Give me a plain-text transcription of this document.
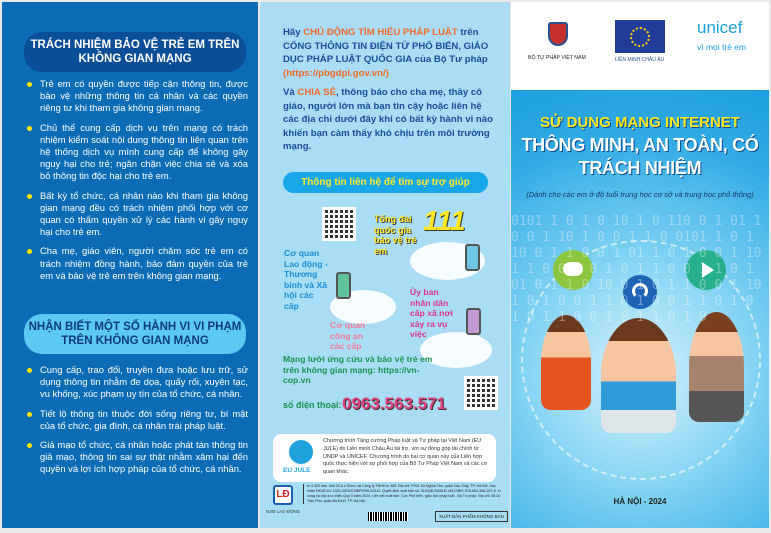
TRÁCH NHIỆM BẢO VỆ TRẺ EM TRÊN KHÔNG GIAN MẠNG
Trẻ em có quyền được tiếp cận thông tin, được bảo vệ những thông tin cá nhân và các quyền riêng tư khi tham gia không gian mạng.
Chủ thể cung cấp dịch vụ trên mạng có trách nhiệm kiểm soát nội dung thông tin liên quan trên hệ thống dịch vụ mình cung cấp để không gây nguy hại cho trẻ; ngăn chặn việc chia sẻ và xóa bỏ thông tin độc hại cho trẻ em.
Bất kỳ tổ chức, cá nhân nào khi tham gia không gian mạng đều có trách nhiệm phối hợp với cơ quan có thẩm quyền xử lý các hành vi gây nguy hại cho trẻ em.
Cha mẹ, giáo viên, người chăm sóc trẻ em có trách nhiệm đồng hành, bảo đảm quyền của trẻ em và bảo vệ trẻ em trên không gian mạng.
NHẬN BIẾT MỘT SỐ HÀNH VI VI PHẠM TRÊN KHÔNG GIAN MẠNG
Cung cấp, trao đổi, truyền đưa hoặc lưu trữ, sử dụng thông tin nhằm đe dọa, quấy rối, xuyên tạc, vu khống, xúc phạm uy tín của tổ chức, cá nhân.
Tiết lộ thông tin thuộc đời sống riêng tư, bí mật của tổ chức, gia đình, cá nhân trái pháp luật.
Giả mạo tổ chức, cá nhân hoặc phát tán thông tin giả mạo, thông tin sai sự thật nhằm xâm hại đến quyền và lợi ích hợp pháp của tổ chức, cá nhân.

Hãy CHỦ ĐỘNG TÌM HIỂU PHÁP LUẬT trên CỔNG THÔNG TIN ĐIỆN TỬ PHỔ BIẾN, GIÁO DỤC PHÁP LUẬT QUỐC GIA của Bộ Tư pháp (https://pbgdpl.gov.vn/)

Và CHIA SẺ, thông báo cho cha mẹ, thầy cô giáo, người lớn mà bạn tin cậy hoặc liên hệ các địa chỉ dưới đây khi có bất kỳ hành vi nào khiến bạn cảm thấy khó chịu trên môi trường mạng.

Thông tin liên hệ để tìm sự trợ giúp
Tổng đài quốc gia bảo vệ trẻ em
111
Cơ quan Lao động - Thương binh và Xã hội các cấp
Cơ quan công an các cấp
Ủy ban nhân dân cấp xã nơi xảy ra vụ việc
Mạng lưới ứng cứu và bảo vệ trẻ em trên không gian mạng: https://vn-cop.vn
số điện thoại: 0963.563.571
EU JULE
Chương trình Tăng cường Pháp luật và Tư pháp tại Việt Nam (EU JULE) do Liên minh Châu Âu tài trợ, với sự đóng góp tài chính từ UNDP và UNICEF. Chương trình do hai cơ quan này của Liên hợp quốc thực hiện với sự phối hợp của Bộ Tư Pháp Việt Nam và các cơ quan khác.
LĐ
NXB LAO ĐỘNG
In 4.300 bản, khổ 20,5 x 30cm, tại Công ty TNHH in 368. Địa chỉ: P201 Số Nghĩa Tân, quận Cầu Giấy, TP. Hà Nội. Xác nhận ĐKXB số: 1320-2024/CXBIPH/06-02/LĐ. Quyết định xuất bản số: 419/QĐ-NXBLĐ. Mã ISBN: 978-604-368-237-8. In xong và nộp lưu chiểu Quý II năm 2024. Liên kết xuất bản: Cục Phổ biến, giáo dục pháp luật - Bộ Tư pháp. Địa chỉ: 58-60 Trần Phú, quận Ba Đình, TP. Hà Nội.
XUẤT BẢN PHẨM KHÔNG BÁN
BỘ TƯ PHÁP VIỆT NAM	LIÊN MINH CHÂU ÂU
unicef
vì mọi trẻ em
SỬ DỤNG MẠNG INTERNET
THÔNG MINH, AN TOÀN, CÓ TRÁCH NHIỆM
(Dành cho các em ở độ tuổi trung học cơ sở và trung học phổ thông)
0101 1 0 1 0 10 1 0 110 0 1 01 1 0 0 1 10 1 0 0 1 1 0 0101 1 0 1 10 0 1 1 0 0 1 01 1 0 1 0 0 1 10 1 1 0 0 1 0 1 0 1 1 0 0 1 1 0 1 01 0 1 1 0 10 0 1 0 1 1 0 0 1 10 1 0 1 0 0 1 1 0 1 0 0 1 1 0 1 0 1 0 1 1 0 0 1 0 1 1 0 1 0
HÀ NỘI - 2024
